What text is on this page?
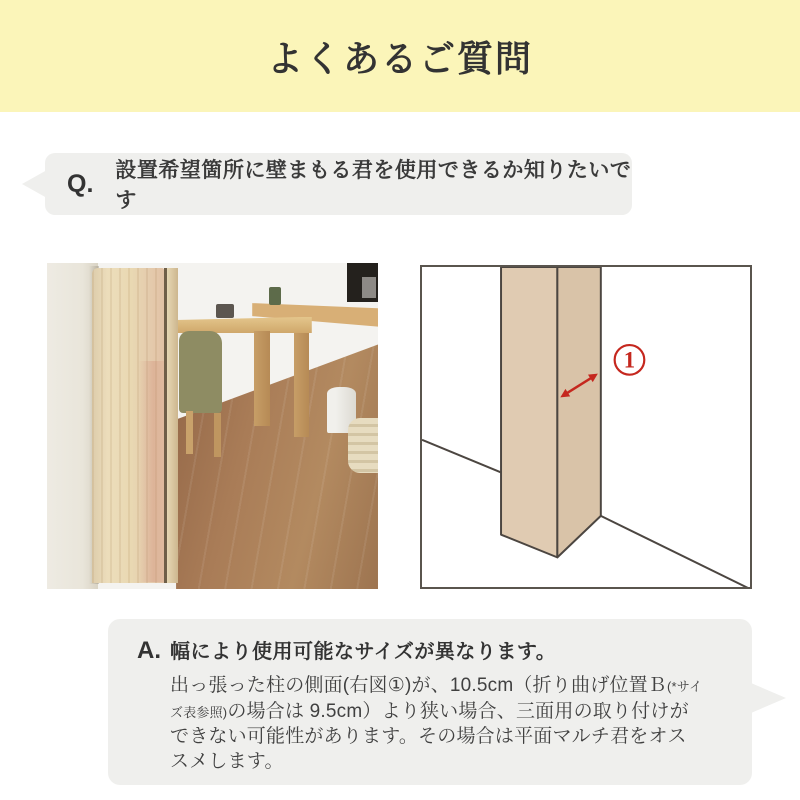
よくあるご質問
Q. 設置希望箇所に壁まもる君を使用できるか知りたいです
1
A. 幅により使用可能なサイズが異なります。

出っ張った柱の側面(右図①)が、10.5cm（折り曲げ位置Ｂ(*サイズ表参照)の場合は 9.5cm）より狭い場合、三面用の取り付けができない可能性があります。その場合は平面マルチ君をオススメします。
